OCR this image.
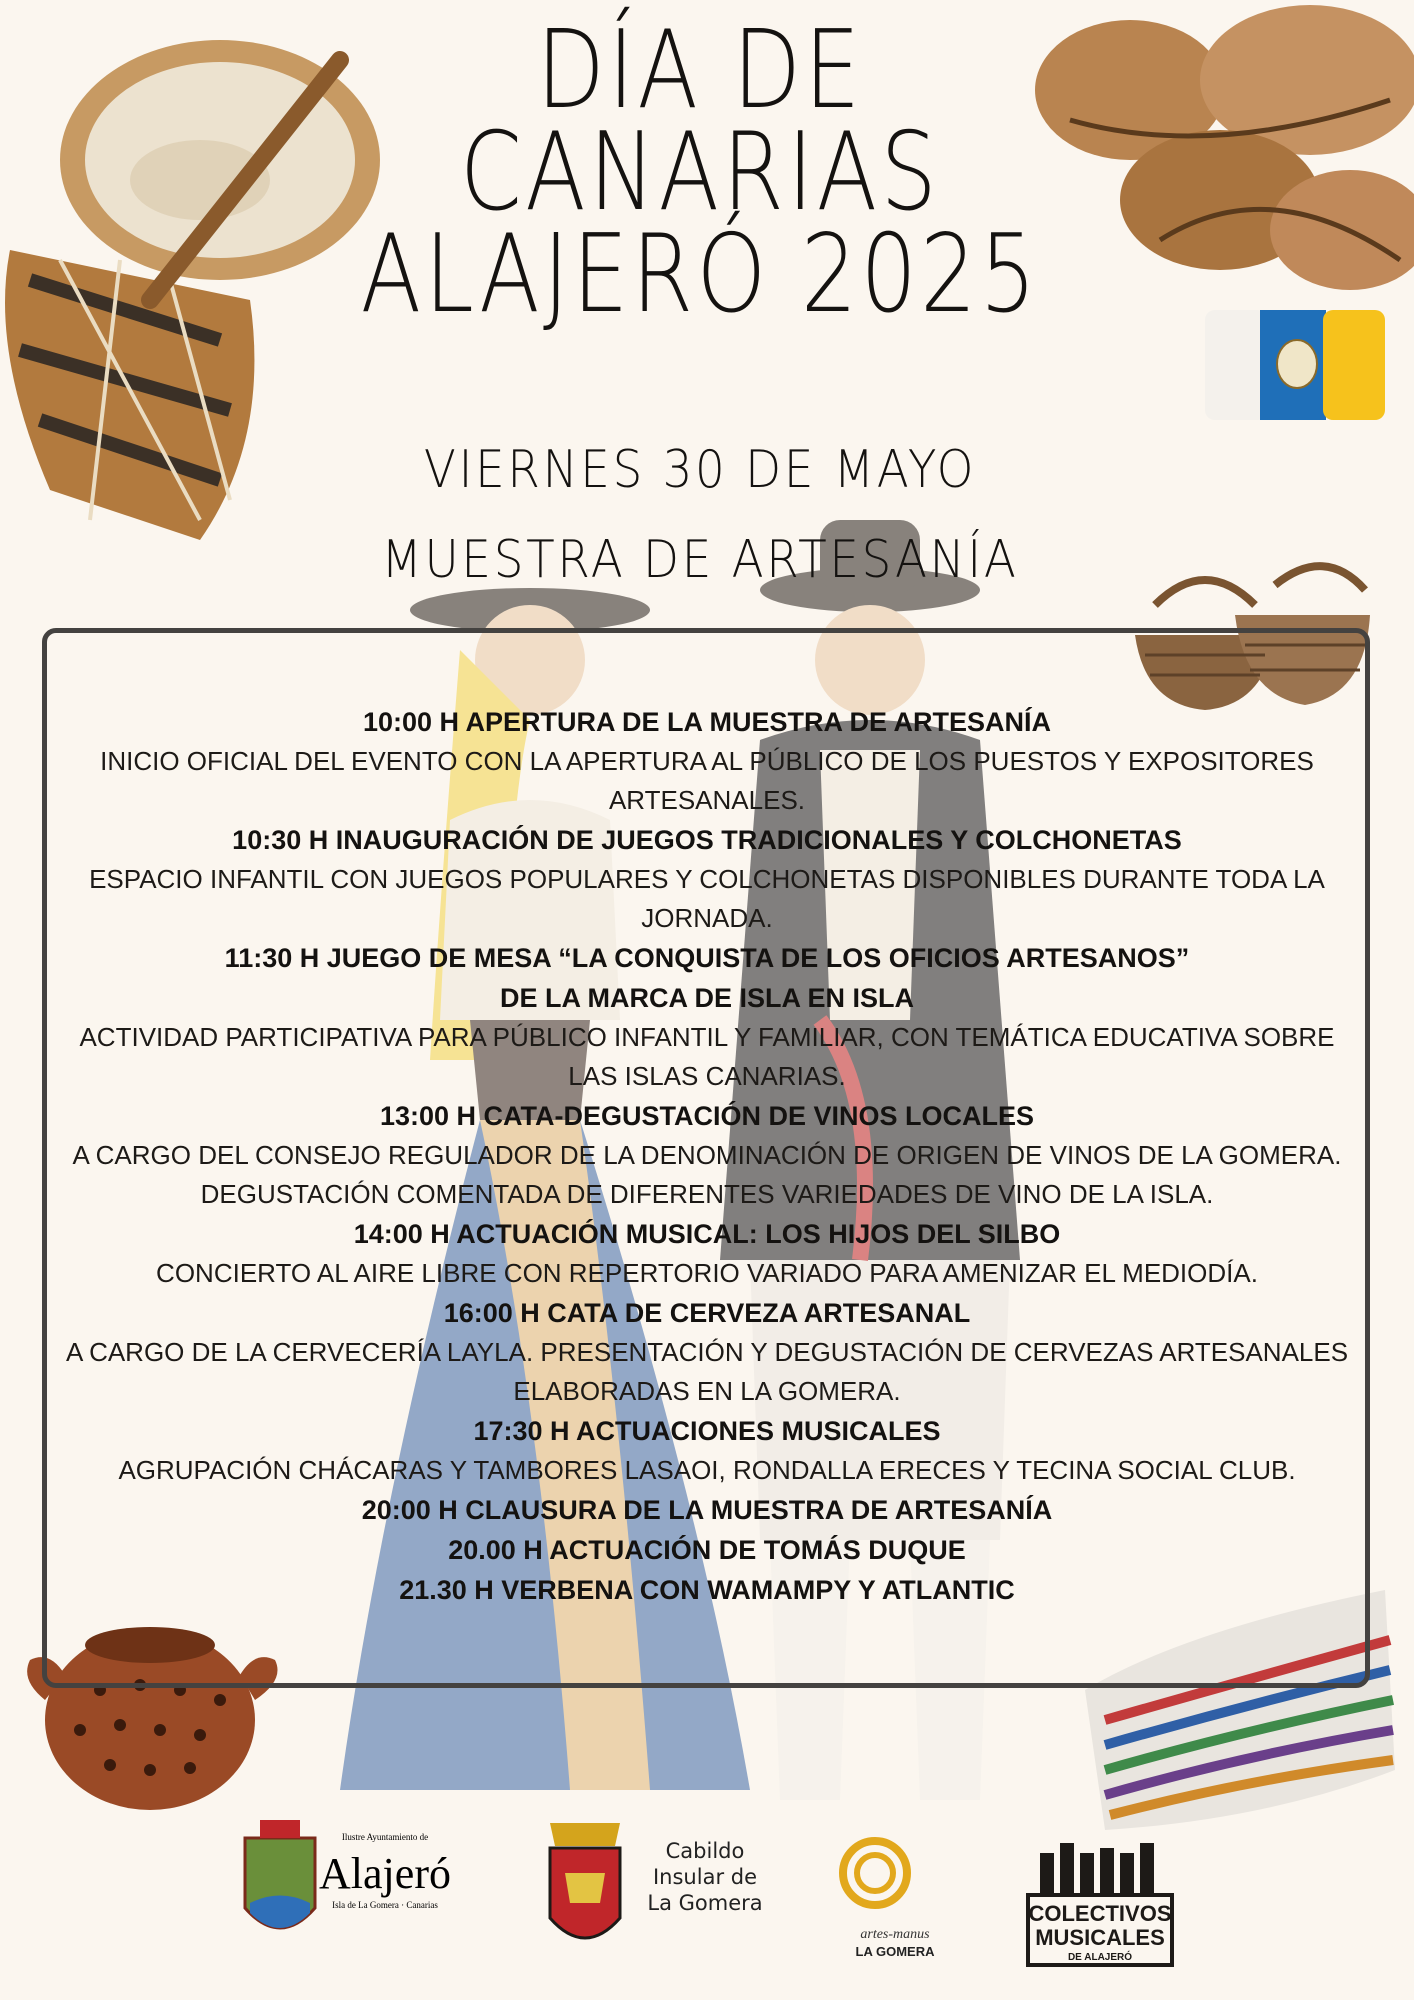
DÍA DE
CANARIAS
ALAJERÓ 2025
VIERNES 30 DE MAYO
MUESTRA DE ARTESANÍA
10:00 H APERTURA DE LA MUESTRA DE ARTESANÍA
INICIO OFICIAL DEL EVENTO CON LA APERTURA AL PÚBLICO DE LOS PUESTOS Y EXPOSITORES ARTESANALES.
10:30 H INAUGURACIÓN DE JUEGOS TRADICIONALES Y COLCHONETAS
ESPACIO INFANTIL CON JUEGOS POPULARES Y COLCHONETAS DISPONIBLES DURANTE TODA LA JORNADA.
11:30 H JUEGO DE MESA “LA CONQUISTA DE LOS OFICIOS ARTESANOS”
DE LA MARCA DE ISLA EN ISLA
ACTIVIDAD PARTICIPATIVA PARA PÚBLICO INFANTIL Y FAMILIAR, CON TEMÁTICA EDUCATIVA SOBRE LAS ISLAS CANARIAS.
13:00 H CATA-DEGUSTACIÓN DE VINOS LOCALES
A CARGO DEL CONSEJO REGULADOR DE LA DENOMINACIÓN DE ORIGEN DE VINOS DE LA GOMERA. DEGUSTACIÓN COMENTADA DE DIFERENTES VARIEDADES DE VINO DE LA ISLA.
14:00 H ACTUACIÓN MUSICAL: LOS HIJOS DEL SILBO
CONCIERTO AL AIRE LIBRE CON REPERTORIO VARIADO PARA AMENIZAR EL MEDIODÍA.
16:00 H CATA DE CERVEZA ARTESANAL
A CARGO DE LA CERVECERÍA LAYLA. PRESENTACIÓN Y DEGUSTACIÓN DE CERVEZAS ARTESANALES ELABORADAS EN LA GOMERA.
17:30 H ACTUACIONES MUSICALES
AGRUPACIÓN CHÁCARAS Y TAMBORES LASAOI, RONDALLA ERECES Y TECINA SOCIAL CLUB.
20:00 H CLAUSURA DE LA MUESTRA DE ARTESANÍA
20.00 H ACTUACIÓN DE TOMÁS DUQUE
21.30 H VERBENA CON WAMAMPY Y ATLANTIC
Ilustre Ayuntamiento de
Alajeró
Isla de La Gomera · Canarias
Cabildo
Insular de
La Gomera
artes-manus
LA GOMERA
COLECTIVOS
MUSICALES
DE ALAJERÓ
